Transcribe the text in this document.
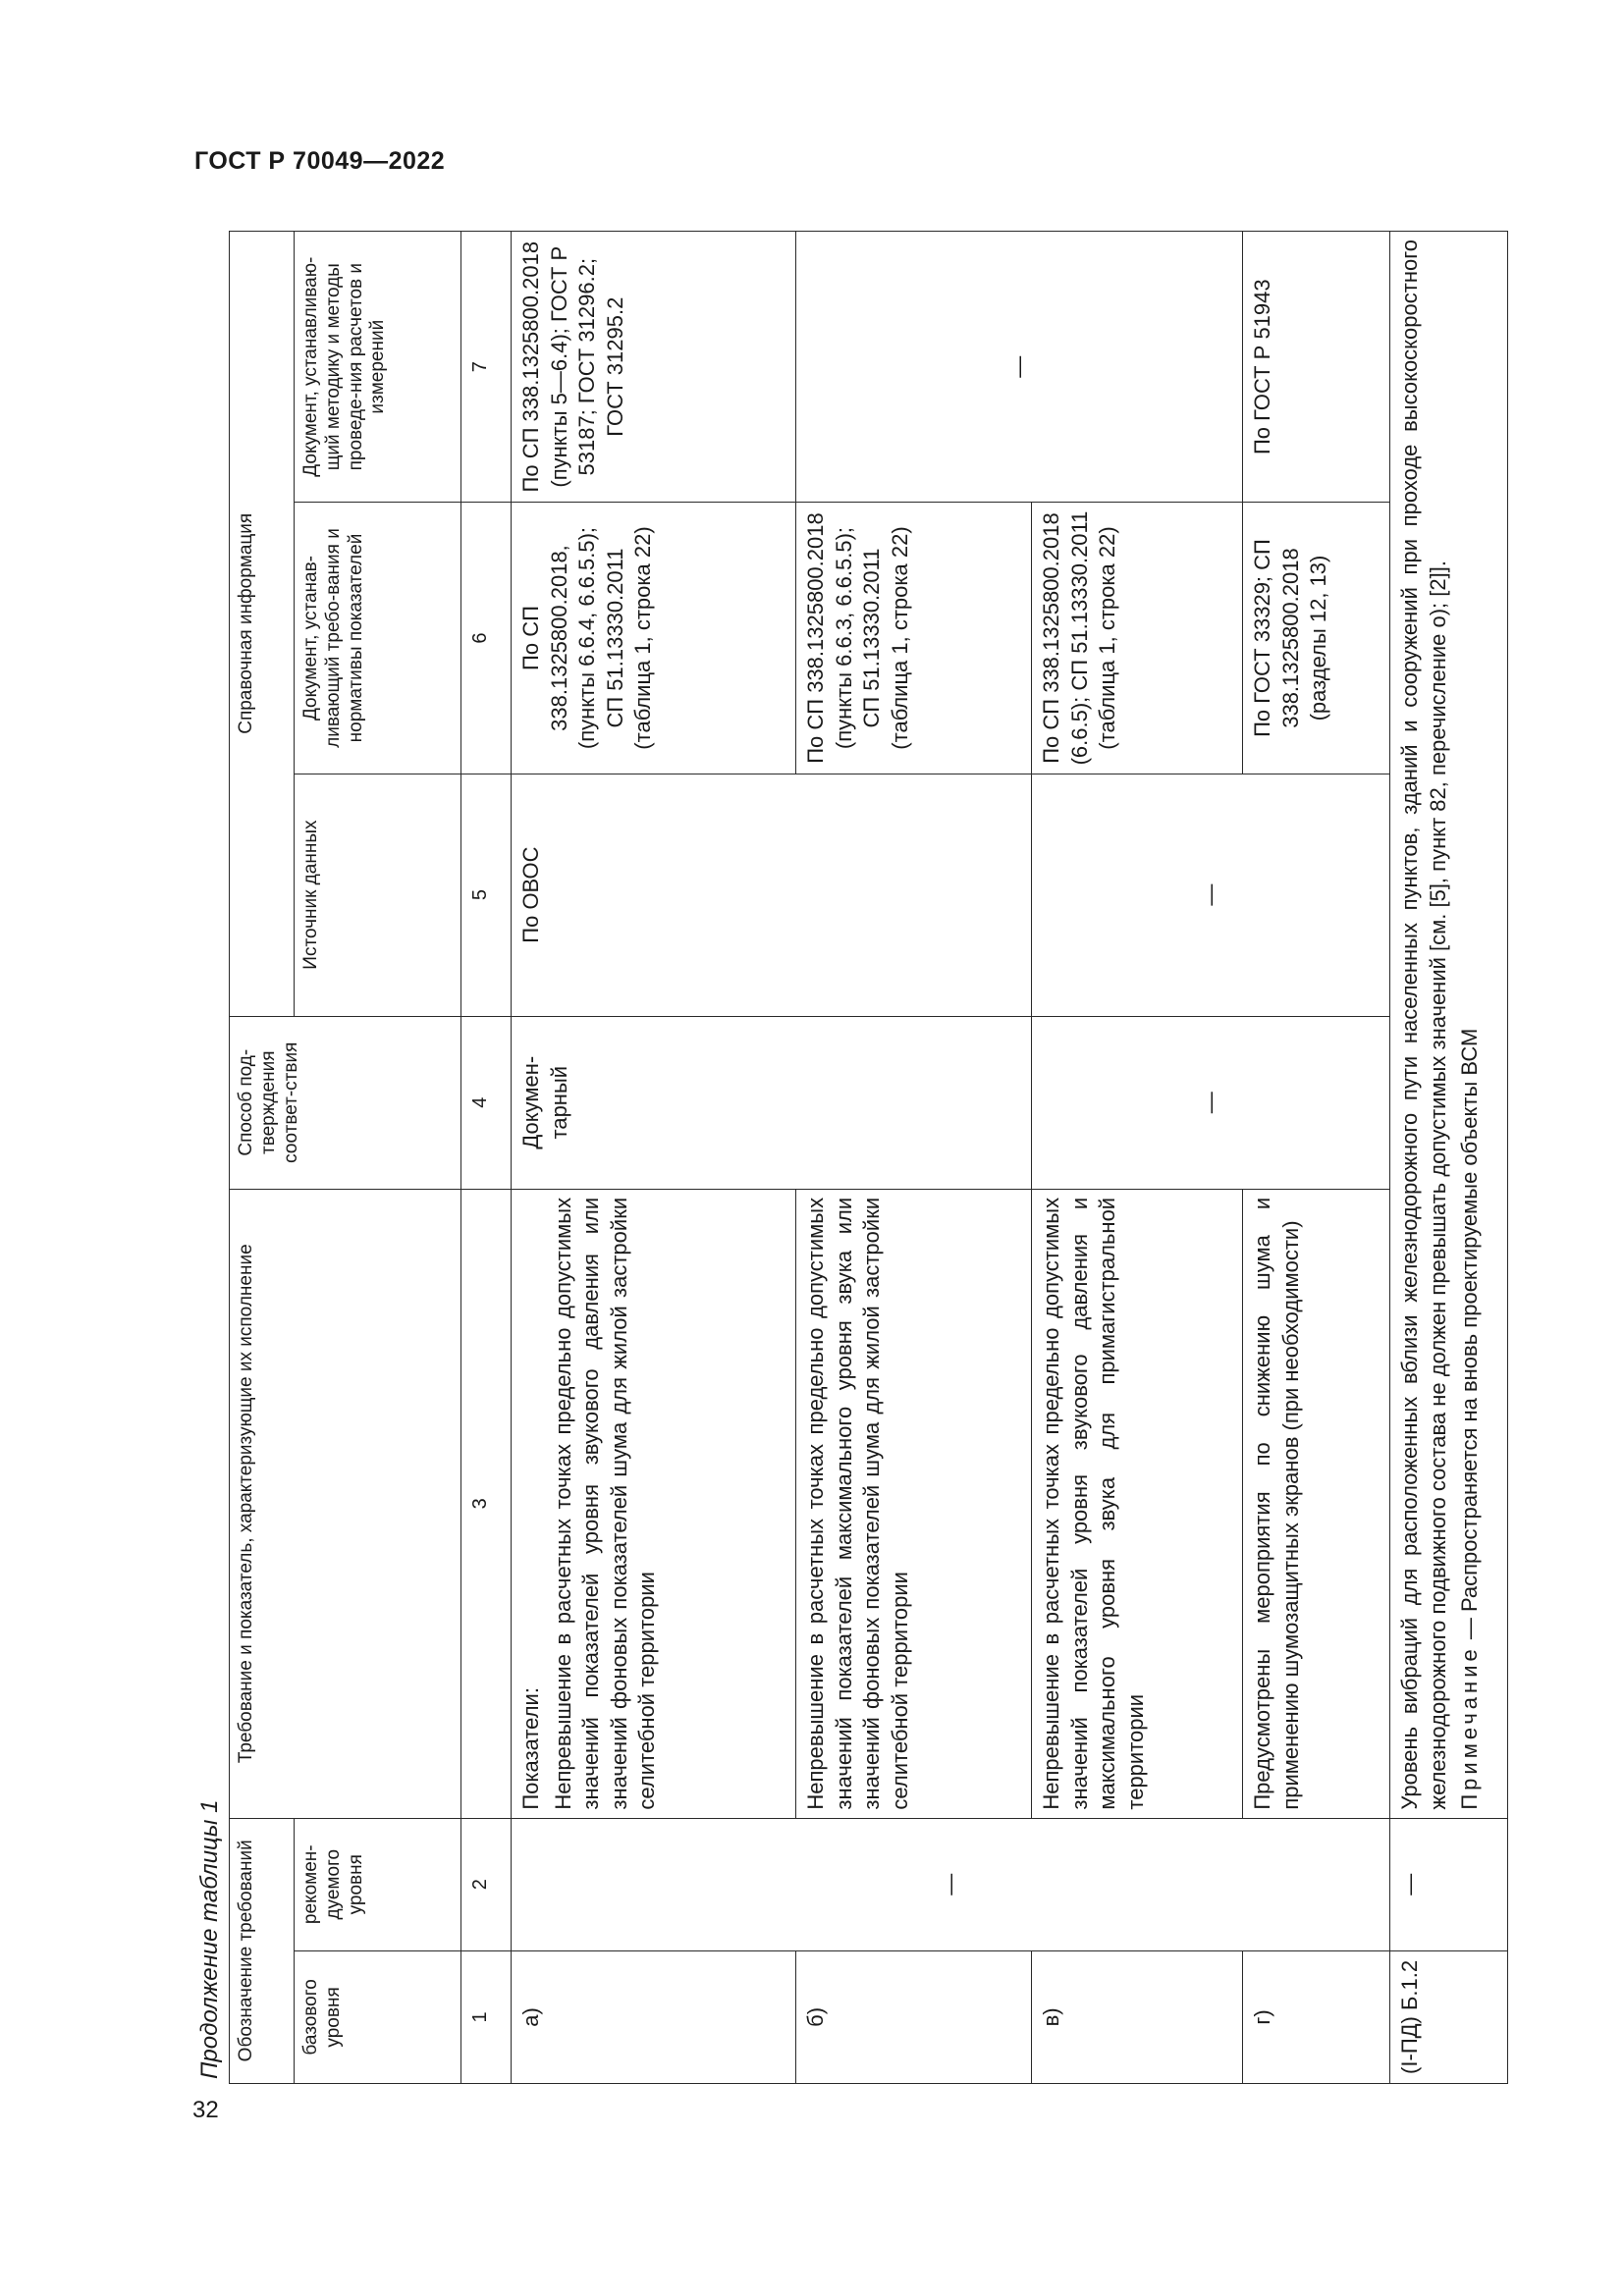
ГОСТ Р 70049—2022
32
Продолжение таблицы 1 Обозначение требований		Требование и показатель, характеризующие их исполнение	Способ под-тверждения соответ-ствия	Справочная информация		
базового уровня	рекомен-дуемого уровня			Источник данных	Документ, устанав-ливающий требо-вания и нормативы показателей	Документ, устанавливаю-щий методику и методы проведе-ния расчетов и измерений
1	2	3	4	5	6	7
а)	—	Показатели: Непревышение в расчетных точках предельно допустимых значений показателей уровня звукового давления или значений фоновых показателей шума для жилой застройки селитебной территории	Докумен-тарный	По ОВОС	По СП 338.1325800.2018, (пункты 6.6.4, 6.6.5.5); СП 51.13330.2011 (таблица 1, строка 22)	По СП 338.1325800.2018 (пункты 5—6.4); ГОСТ Р 53187; ГОСТ 31296.2; ГОСТ 31295.2
б)		Непревышение в расчетных точках предельно допустимых значений показателей максимального уровня звука или значений фоновых показателей шума для жилой застройки селитебной территории			По СП 338.1325800.2018 (пункты 6.6.3, 6.6.5.5); СП 51.13330.2011 (таблица 1, строка 22)	—
в)		Непревышение в расчетных точках предельно допустимых значений показателей уровня звукового давления и максимального уровня звука для примагистральной территории	—	—	По СП 338.1325800.2018 (6.6.5); СП 51.13330.2011 (таблица 1, строка 22)	
г)		Предусмотрены мероприятия по снижению шума и применению шумозащитных экранов (при необходимости)			По ГОСТ 33329; СП 338.1325800.2018 (разделы 12, 13)	По ГОСТ Р 51943
(I-ПД) Б.1.2	—	Уровень вибраций для расположенных вблизи железнодорожного пути населенных пунктов, зданий и сооружений при проходе высокоскоростного железнодорожного подвижного состава не должен превышать допустимых значений [см. [5], пункт 82, перечисление о); [2]]. Примечание — Распространяется на вновь проектируемые объекты ВСМ				
